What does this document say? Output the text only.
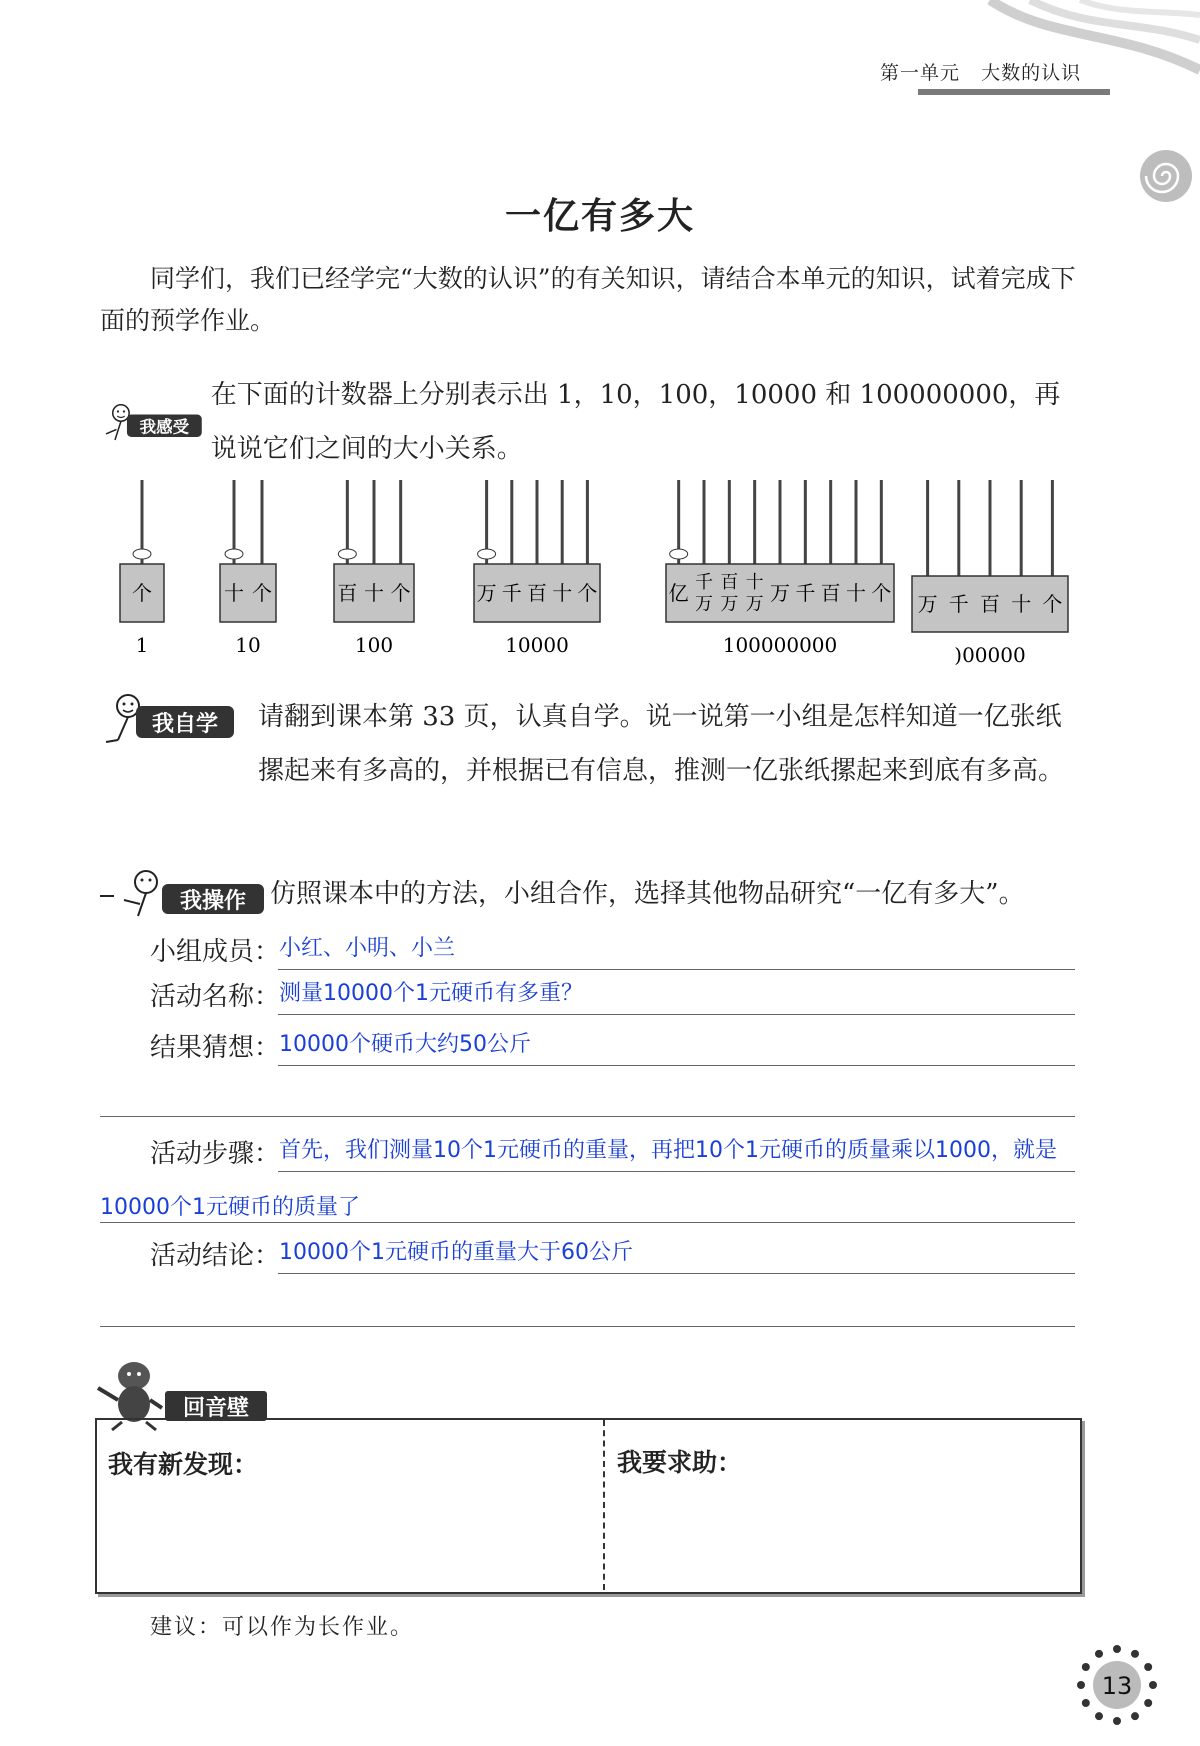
第一单元 大数的认识
一亿有多大
同学们，我们已经学完“大数的认识”的有关知识，请结合本单元的知识，试着完成下面的预学作业。
我感受
在下面的计数器上分别表示出 1，10，100，10000 和 100000000，再说说它们之间的大小关系。
个
1
十 个
10
百 十 个
100
万 千 百 十 个
10000
亿 千
万
百
万
十
万 万 千 百 十 个
100000000
万 千 百 十 个
)00000
我自学 请翻到课本第 33 页，认真自学。说一说第一小组是怎样知道一亿张纸摞起来有多高的，并根据已有信息，推测一亿张纸摞起来到底有多高。
我操作 仿照课本中的方法，小组合作，选择其他物品研究“一亿有多大”。
小组成员：
小红、小明、小兰
活动名称：
测量10000个1元硬币有多重？
结果猜想：
10000个硬币大约50公斤
活动步骤：
首先，我们测量10个1元硬币的重量，再把10个1元硬币的质量乘以1000，就是
10000个1元硬币的质量了
活动结论：
10000个1元硬币的重量大于60公斤
回音壁
我有新发现：	我要求助：
建议：可以作为长作业。
13
